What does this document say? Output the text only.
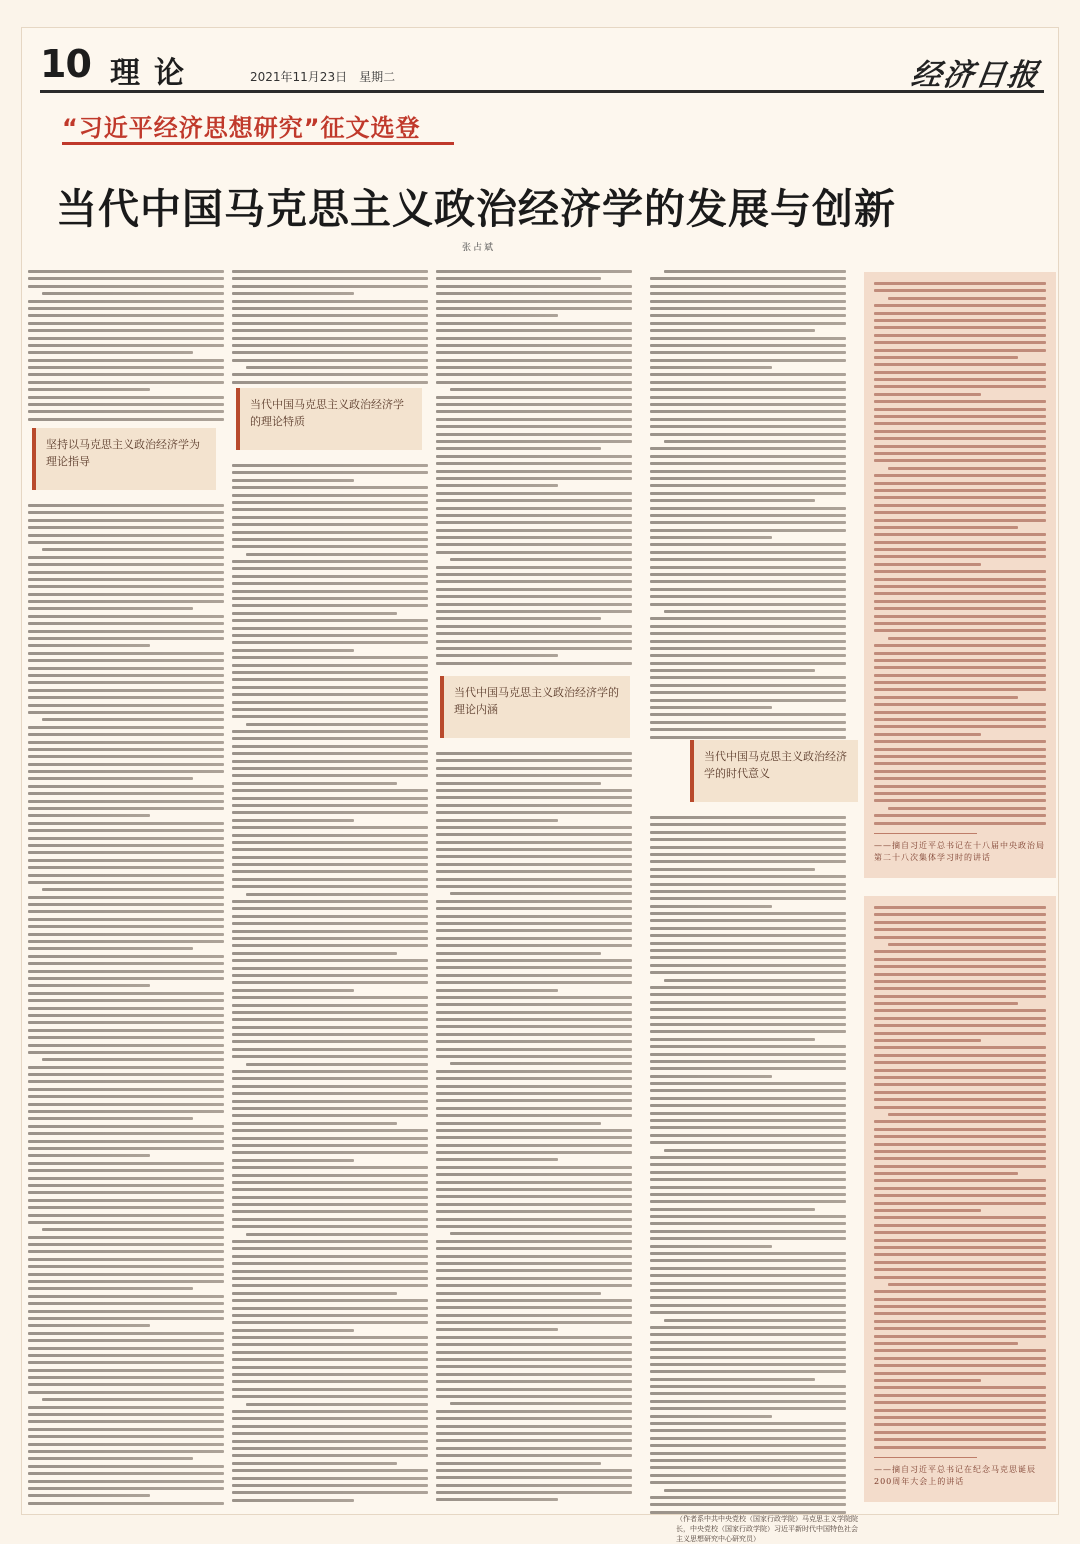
10 理论	2021年11月23日　星期二	经济日报
“习近平经济思想研究”征文选登
当代中国马克思主义政治经济学的发展与创新
张占斌
坚持以马克思主义政治经济学为理论指导
当代中国马克思主义政治经济学的理论特质
当代中国马克思主义政治经济学的理论内涵
当代中国马克思主义政治经济学的时代意义
——摘自习近平总书记在十八届中央政治局第二十八次集体学习时的讲话
——摘自习近平总书记在纪念马克思诞辰200周年大会上的讲话
（作者系中共中央党校（国家行政学院）马克思主义学院院长，中央党校（国家行政学院）习近平新时代中国特色社会主义思想研究中心研究员）
